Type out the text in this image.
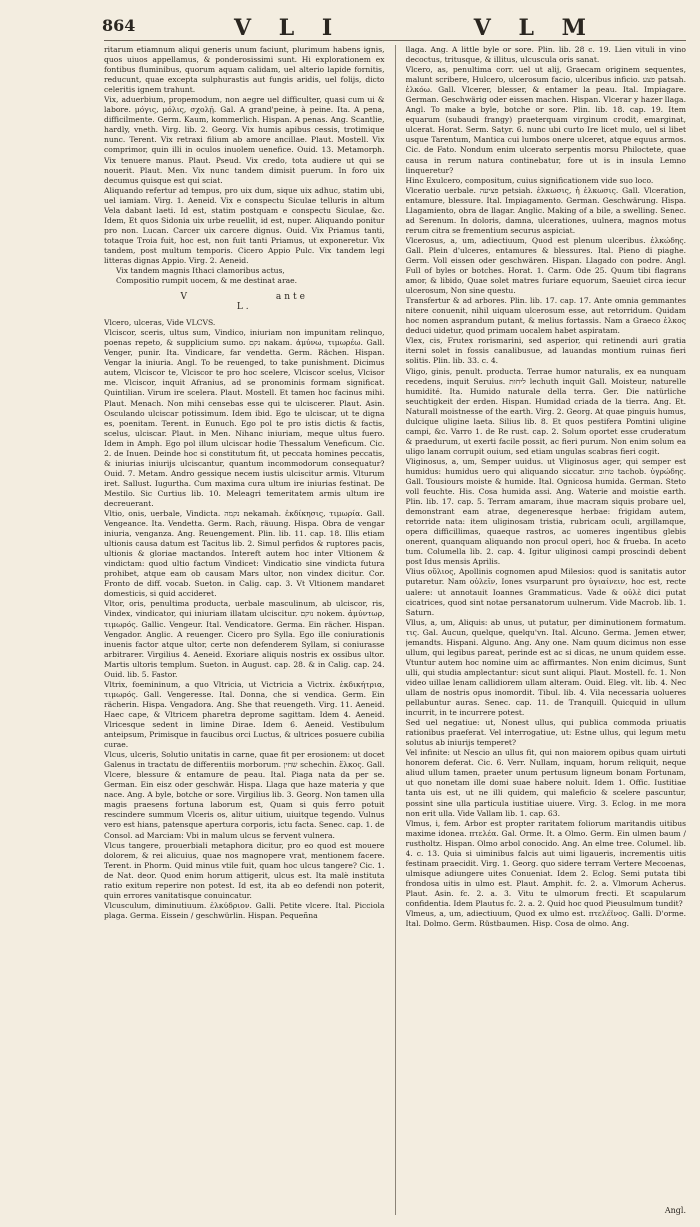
864	V L I	V L M

ritarum etiamnum aliqui generis unum faciunt, plurimum habens ignis, quos uiuos appellamus, & ponderosissimi sunt. Hi explorationem ex fontibus fluminibus, quorum aquam calidam, uel alterio lapide fornitis, reducunt, quae excepta sulphurastis aut fungis aridis, uel folijs, dicto celeritis ignem trahunt.

Vix, aduerbium, propemodum, non aegre uel difficulter, quasi cum ui & labore. μόγις, μόλις, σχολῇ. Gal. A grand'peine, à peine. Ita. A pena, difficilmente. Germ. Kaum, kommerlich. Hispan. A penas. Ang. Scantlie, hardly, vneth. Virg. lib. 2. Georg. Vix humis apibus cessis, trotimique nunc. Terent. Vix retraxi filium ab amore ancillae. Plaut. Mostell. Vix comprimor, quin illi in oculos inuolem uenefice. Ouid. 13. Metamorph. Vix tenuere manus. Plaut. Pseud. Vix credo, tota audiere ut qui se nouerit. Plaut. Men. Vix nunc tandem dimisit puerum. In foro uix decumus quisque est qui sciat.

Aliquando refertur ad tempus, pro uix dum, sique uix adhuc, statim ubi, uel iamiam. Virg. 1. Aeneid. Vix e conspectu Siculae telluris in altum Vela dabant laeti. Id est, statim postquam e conspectu Siculae, &c. Idem, Et quos Sidonia uix urbe reuellit, id est, nuper. Aliquando ponitur pro non. Lucan. Carcer uix carcere dignus. Ouid. Vix Priamus tanti, totaque Troia fuit, hoc est, non fuit tanti Priamus, ut exponeretur. Vix tandem, post multum temporis. Cicero Appio Pulc. Vix tandem legi litteras dignas Appio. Virg. 2. Aeneid.

Vix tandem magnis Ithaci clamoribus actus,

Compositio rumpit uocem, & me destinat arae.

V	ante L.

Vlcero, ulceras, Vide VLCVS.

Vlciscor, sceris, ultus sum, Vindico, iniuriam non impunitam relinquo, poenas repeto, & supplicium sumo. נקם nakam. ἀμύνω, τιμωρέω. Gall. Venger, punir. Ita. Vindicare, far vendetta. Germ. Rächen. Hispan. Vengar la iniuria. Angl. To be reuenged, to take punishment. Dicimus autem, Vlciscor te, Vlciscor te pro hoc scelere, Vlciscor scelus, Vlcisor me. Vlciscor, inquit Afranius, ad se pronominis formam significat. Quintilian. Virum ire scelera. Plaut. Mostell. Et tamen hoc facinus mihi. Plaut. Menach. Non mihi censebas esse qui te ulciscerer. Plaut. Asin. Osculando ulciscar potissimum. Idem ibid. Ego te ulciscar, ut te digna es, poenitam. Terent. in Eunuch. Ego pol te pro istis dictis & factis, scelus, ulciscar. Plaut. in Men. Nihanc iniuriam, meque ultus fuero. Idem in Amph. Ego pol illum ulciscar hodie Thessalum Veneficum. Cic. 2. de Inuen. Deinde hoc si constitutum fit, ut peccata homines peccatis, & iniurias iniurijs ulciscantur, quantum incommodorum consequatur? Ouid. 7. Metam. Andro gessique necem iustis ulciscitur armis. Vlturum iret. Sallust. Iugurtha. Cum maxima cura ultum ire iniurias festinat. De Mestilo. Sic Curtius lib. 10. Meleagri temeritatem armis ultum ire decreuerant.

Vltio, onis, uerbale, Vindicta. נקמה nekamah. ἐκδίκησις, τιμωρία. Gall. Vengeance. Ita. Vendetta. Germ. Rach, räuung. Hispa. Obra de vengar iniuria, venganza. Ang. Reuengement. Plin. lib. 11. cap. 18. Illis etiam ultionis causa datum est Tacitus lib. 2. Simul perfidos & ruptores pacis, ultionis & gloriae mactandos. Intereft autem hoc inter Vltionem & vindictam: quod ultio factum Vindicet: Vindicatio sine vindicta futura prohibet, atque eam ob causam Mars ultor, non vindex dicitur. Cor. Fronto de diff. vocab. Sueton. in Calig. cap. 3. Vt Vltionem mandaret domesticis, si quid accideret.

Vltor, oris, penultima producta, uerbale masculinum, ab ulciscor, ris, Vindex, vindicator, qui iniuriam illatam ulciscitur. נוקם nokem. ἀμύντωρ, τιμωρός. Gallic. Vengeur. Ital. Vendicatore. Germa. Ein rächer. Hispan. Vengador. Anglic. A reuenger. Cicero pro Sylla. Ego ille coniurationis inuenis factor atque ultor, certe non defenderem Syllam, si coniurasse arbitrarer. Virgilius 4. Aeneid. Exoriare aliquis nostris ex ossibus ultor. Martis ultoris templum. Sueton. in August. cap. 28. & in Calig. cap. 24. Ouid. lib. 5. Fastor.

Vltrix, foemininum, a quo Vltricia, ut Victricia a Victrix. ἐκδικήτρια, τιμωρός. Gall. Vengeresse. Ital. Donna, che si vendica. Germ. Ein rächerin. Hispa. Vengadora. Ang. She that reuengeth. Virg. 11. Aeneid. Haec cape, & Vltricem pharetra deprome sagittam. Idem 4. Aeneid. Vlricesque sedent in limine Dirae. Idem 6. Aeneid. Vestibulum anteipsum, Primisque in faucibus orci Luctus, & ultrices posuere cubilia curae.

Vlcus, ulceris, Solutio unitatis in carne, quae fit per erosionem: ut docet Galenus in tractatu de differentiis morborum. שחין schechin. ἕλκος. Gall. Vlcere, blessure & entamure de peau. Ital. Piaga nata da per se. German. Ein eisz oder geschwär. Hispa. Llaga que haze materia y que nace. Ang. A byle, botche or sore. Virgilius lib. 3. Georg. Non tamen ulla magis praesens fortuna laborum est, Quam si quis ferro potuit rescindere summum Vlceris os, alitur uitium, uiuitque tegendo. Vulnus vero est hians, patensque apertura corporis, ictu facta. Senec. cap. 1. de Consol. ad Marciam: Vbi in malum ulcus se fervent vulnera.

Vlcus tangere, prouerbiali metaphora dicitur, pro eo quod est mouere dolorem, & rei alicuius, quae nos magnopere vrat, mentionem facere. Terent. in Phorm. Quid minus vtile fuit, quam hoc ulcus tangere? Cic. 1. de Nat. deor. Quod enim horum attigerit, ulcus est. Ita malè instituta ratio exitum reperire non potest. Id est, ita ab eo defendi non poterit, quin errores vanitatisque conuincatur.

Vlcusculum, diminutiuum. ἑλκύδριον. Galli. Petite vlcere. Ital. Picciola plaga. Germa. Eissein / geschwürlin. Hispan. Pequeñna

llaga. Ang. A little byle or sore. Plin. lib. 28 c. 19. Lien vituli in vino decoctus, tritusque, & illitus, ulcuscula oris sanat.

Vlcero, as, penultima corr. uel ut alij, Graecam originem sequentes, malunt scribere, Hulcero, ulcerosum facio, ulceribus inficio. פצע patsah. ἑλκόω. Gall. Vlcerer, blesser, & entamer la peau. Ital. Impiagare. German. Geschwärig oder eissen machen. Hispan. Vlcerar y hazer llaga. Angl. To make a byle, botche or sore. Plin. lib. 18. cap. 19. Item equarum (subaudi frangy) praeterquam virginum crodit, emarginat, ulcerat. Horat. Serm. Satyr. 6. nunc ubi curto Ire licet mulo, uel si libet usque Tarentum, Mantica cui lumbos onere ulceret, atque equus armos. Cic. de Fato. Nondum enim ulcerato serpentis morsu Philoctete, quae causa in rerum natura continebatur, fore ut is in insula Lemno linqueretur?

Hinc Exulcero, compositum, cuius significationem vide suo loco.

Vlceratio uerbale. פציעה petsiah. ἑλκωσις, ἡ ἑλκωσις. Gall. Vlceration, entamure, blessure. Ital. Impiagamento. German. Geschwärung. Hispa. Llagamiento, obra de llagar. Anglic. Making of a bile, a swelling. Senec. ad Serenum. In doloris, damna, ulcerationes, uulnera, magnos motus rerum citra se frementium securus aspiciat.

Vlcerosus, a, um, adiectiuum, Quod est plenum ulceribus. ἑλκώδης. Gall. Plein d'ulceres, entamures & blessures. Ital. Pieno di piaghe. Germ. Voll eissen oder geschwären. Hispan. Llagado con podre. Angl. Full of byles or botches. Horat. 1. Carm. Ode 25. Quum tibi flagrans amor, & libido, Quae solet matres furiare equorum, Saeuiet circa iecur ulcerosum, Non sine questu.

Transfertur & ad arbores. Plin. lib. 17. cap. 17. Ante omnia gemmantes nitere conuenit, nihil uiquam ulcerosum esse, aut retorridum. Quidam hoc nomen asprandum putant, & melius fortassis. Nam a Graeco ἑλκος deduci uidetur, quod primam uocalem habet aspiratam.

Vlex, cis, Frutex rorismarini, sed asperior, qui retinendi auri gratia iterni solet in fossis canalibusue, ad lauandas montium ruinas fieri solitis. Plin. lib. 33. c. 4.

Vligo, ginis, penult. producta. Terrae humor naturalis, ex ea nunquam recedens, inquit Seruius. ליחות lechuth inquit Gall. Moisteur, naturelle humidité. Ita. Humido naturale della terra. Ger. Die natürliche seuchtigkeit der erden. Hispan. Humidad criada de la tierra. Ang. Et. Naturall moistnesse of the earth. Virg. 2. Georg. At quae pinguis humus, dulcique uligine laeta. Silius lib. 8. Et quos pestifera Pomtini uligine campi, &c. Varro 1. de Re rust. cap. 2. Solum oportet esse cruderatum & praedurum, ut exerti facile possit, ac fieri purum. Non enim solum ea uligo lanam corrupit ouium, sed etiam ungulas scabras fieri cogit.

Vliginosus, a, um, Semper uuidus. ut Vliginosus ager, qui semper est humidus: humidus uero qui aliquando siccatur. טחוב tachob. ὑγρώδης. Gall. Tousiours moiste & humide. Ital. Ognicosa humida. German. Steto voll feuchte. His. Cosa humida assi. Ang. Waterie and moistie earth. Plin. lib. 17. cap. 5. Terram amaram, ihue macram siquis probare uel, demonstrant eam atrae, degeneresque herbae: frigidam autem, retorride nata: item uliginosam tristia, rubricam oculi, argillamque, opera difficillimas, quaeque rastros, ac uomeres ingentibus glebis onerent, quanquam aliquando non procul operi, hoc & frueba. In aceto tum. Columella lib. 2. cap. 4. Igitur uliginosi campi proscindi debent post Idus mensis Aprilis.

Vlius οὔλιος, Apollinis cognomen apud Milesios: quod is sanitatis autor putaretur. Nam οὐλεῖν, Iones vsurparunt pro ὑγιαίνειν, hoc est, recte ualere: ut annotauit Ioannes Grammaticus. Vade & οὐλὲ dici putat cicatrices, quod sint notae persanatorum uulnerum. Vide Macrob. lib. 1. Saturn.

Vllus, a, um, Aliquis: ab unus, ut putatur, per diminutionem formatum. τις. Gal. Aucun, quelque, quelqu'vn. Ital. Alcuno. Germa. Jemen etwer, jemandts. Hispani. Alguno. Ang. Any one. Nam quum dicimus non esse ullum, qui legibus pareat, perinde est ac si dicas, ne unum quidem esse. Vtuntur autem hoc nomine uim ac affirmantes. Non enim dicimus, Sunt ulli, qui studia amplectantur: sicut sunt aliqui. Plaut. Mostell. fc. 1. Non video uillae lenam callidiorem ullam alteram. Ouid. Eleg. vlt. lib. 4. Nec ullam de nostris opus inomordit. Tibul. lib. 4. Vila necessaria uolueres pellabuntur auras. Senec. cap. 11. de Tranquill. Quicquid in ullum incurrit, in te incurrere potest.

Sed uel negatiue: ut, Nonest ullus, qui publica commoda priuatis rationibus praeferat. Vel interrogatiue, ut: Estne ullus, qui legum metu solutus ab iniurijs temperet?

Vel infinite: ut Nescio an ullus fit, qui non maiorem opibus quam uirtuti honorem deferat. Cic. 6. Verr. Nullam, inquam, horum reliquit, neque aliud ullum tamen, praeter unum pertusum ligneum bonam Fortunam, ut quo nonetam ille domi suae habere noluit. Idem 1. Offic. Iustitiae tanta uis est, ut ne illi quidem, qui maleficio & scelere pascuntur, possint sine ulla particula iustitiae uiuere. Virg. 3. Eclog. in me mora non erit ulla. Vide Vallam lib. 1. cap. 63.

Vlmus, i, fem. Arbor est propter raritatem foliorum maritandis uitibus maxime idonea. πτελέα. Gal. Orme. It. a Olmo. Germ. Ein ulmen baum / rustholtz. Hispan. Olmo arbol conocido. Ang. An elme tree. Columel. lib. 4. c. 13. Quia si uiminibus falcis aut uimi ligaueris, incrementis uitis festinam praecidit. Virg. 1. Georg. quo sidere terram Vertere Mecoenas, ulmisque adiungere uites Conueniat. Idem 2. Eclog. Semi putata tibi frondosa uitis in ulmo est. Plaut. Amphit. fc. 2. a. Vlmorum Acherus. Plaut. Asin. fc. 2. a. 3. Vitu te ulmorum frecti. Et scapularum confidentia. Idem Plautus fc. 2. a. 2. Quid hoc quod Pieusulmum tundit?

Vlmeus, a, um, adiectiuum, Quod ex ulmo est. πτελέϊνος. Galli. D'orme. Ital. Dolmo. Germ. Rüstbaumen. Hisp. Cosa de olmo. Ang.

Angl.
